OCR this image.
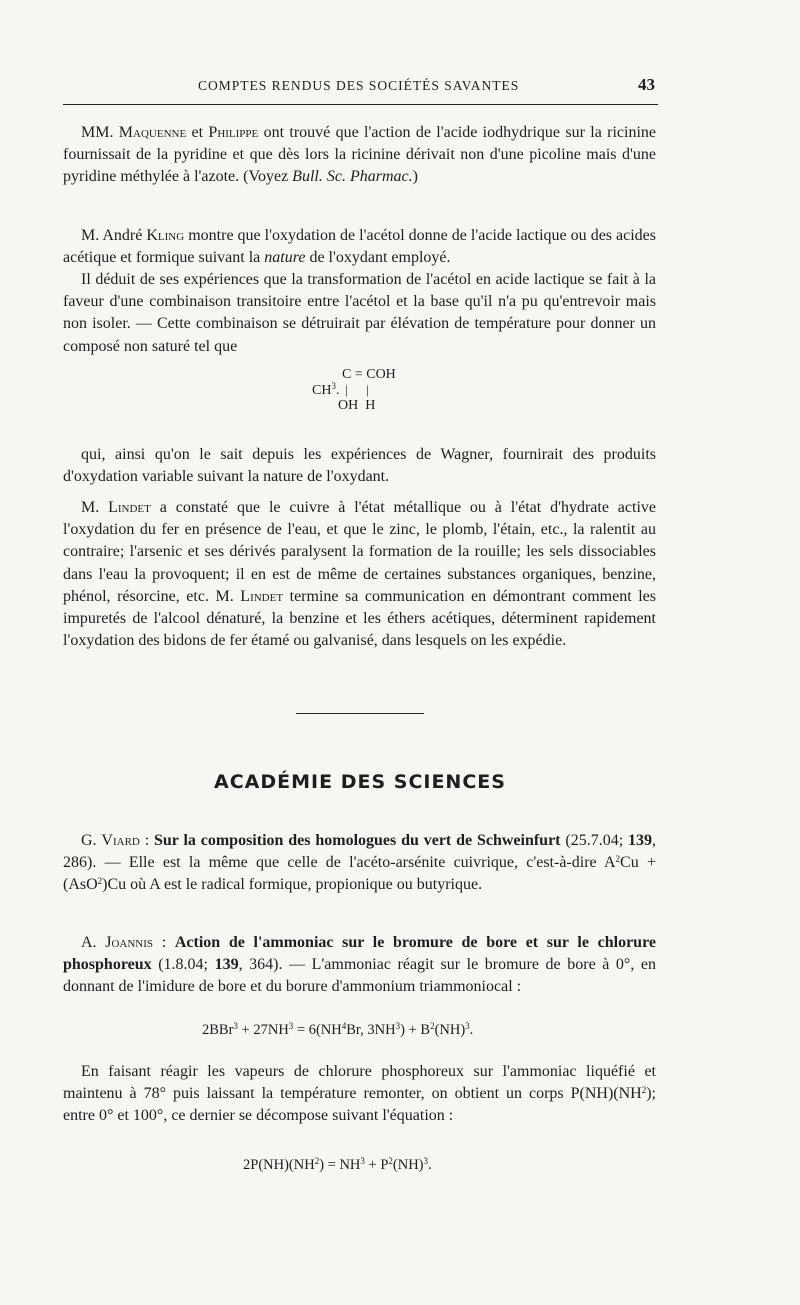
COMPTES RENDUS DES SOCIÉTÉS SAVANTES	43

MM. Maquenne et Philippe ont trouvé que l'action de l'acide iodhydrique sur la ricinine fournissait de la pyridine et que dès lors la ricinine dérivait non d'une picoline mais d'une pyridine méthylée à l'azote. (Voyez Bull. Sc. Pharmac.)

M. André Kling montre que l'oxydation de l'acétol donne de l'acide lactique ou des acides acétique et formique suivant la nature de l'oxydant employé.

Il déduit de ses expériences que la transformation de l'acétol en acide lactique se fait à la faveur d'une combinaison transitoire entre l'acétol et la base qu'il n'a pu qu'entrevoir mais non isoler. — Cette combinaison se détruirait par élévation de température pour donner un composé non saturé tel que

C = COH
$CH^3$. | |
OH  H

qui, ainsi qu'on le sait depuis les expériences de Wagner, fournirait des produits d'oxydation variable suivant la nature de l'oxydant.

M. Lindet a constaté que le cuivre à l'état métallique ou à l'état d'hydrate active l'oxydation du fer en présence de l'eau, et que le zinc, le plomb, l'étain, etc., la ralentit au contraire; l'arsenic et ses dérivés paralysent la formation de la rouille; les sels dissociables dans l'eau la provoquent; il en est de même de certaines substances organiques, benzine, phénol, résorcine, etc. M. Lindet termine sa communication en démontrant comment les impuretés de l'alcool dénaturé, la benzine et les éthers acétiques, déterminent rapidement l'oxydation des bidons de fer étamé ou galvanisé, dans lesquels on les expédie.

ACADÉMIE DES SCIENCES

G. Viard : Sur la composition des homologues du vert de Schweinfurt (25.7.04; 139, 286). — Elle est la même que celle de l'acéto-arsénite cuivrique, c'est-à-dire $A^2Cu + (AsO^2)Cu$ où A est le radical formique, propionique ou butyrique.

A. Joannis : Action de l'ammoniac sur le bromure de bore et sur le chlorure phosphoreux (1.8.04; 139, 364). — L'ammoniac réagit sur le bromure de bore à 0°, en donnant de l'imidure de bore et du borure d'ammonium triammoniocal :

$2BBr^3 + 27NH^3 = 6(NH^4Br$, $3NH^3) + B^2(NH)^3$.

En faisant réagir les vapeurs de chlorure phosphoreux sur l'ammoniac liquéfié et maintenu à 78° puis laissant la température remonter, on obtient un corps $P(NH)(NH^2)$; entre 0° et 100°, ce dernier se décompose suivant l'équation :

$2P(NH)(NH^2) = NH^3 + P^2(NH)^3$.
